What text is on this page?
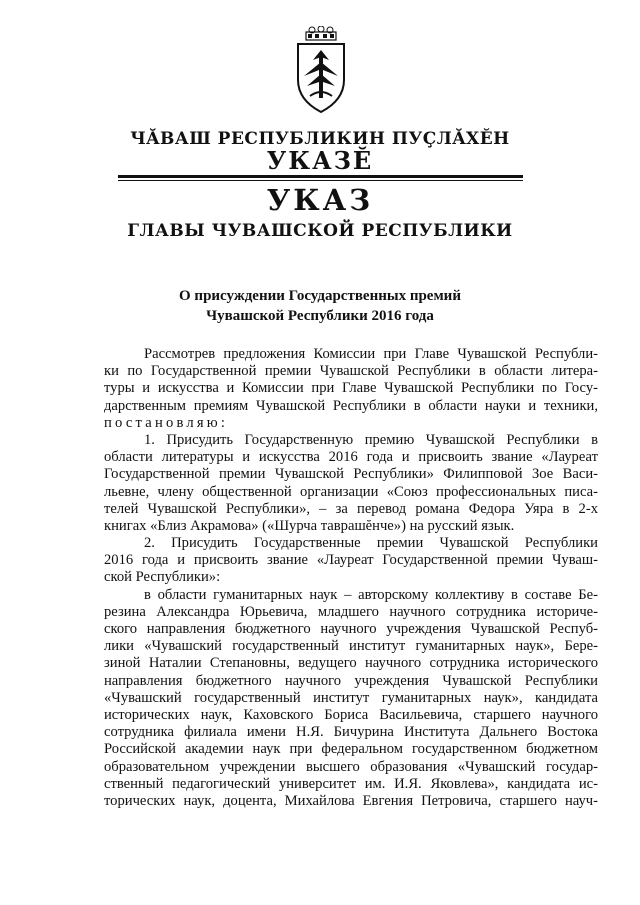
ЧĂВАШ РЕСПУБЛИКИН ПУÇЛĂХĔН
УКАЗĔ
УКАЗ
ГЛАВЫ ЧУВАШСКОЙ РЕСПУБЛИКИ
О присуждении Государственных премий
Чувашской Республики 2016 года
Рассмотрев предложения Комиссии при Главе Чувашской Республи-
ки по Государственной премии Чувашской Республики в области литера-
туры и искусства и Комиссии при Главе Чувашской Республики по Госу-
дарственным премиям Чувашской Республики в области науки и техники,
постановляю:
1. Присудить Государственную премию Чувашской Республики в
области литературы и искусства 2016 года и присвоить звание «Лауреат
Государственной премии Чувашской Республики» Филипповой Зое Васи-
льевне, члену общественной организации «Союз профессиональных писа-
телей Чувашской Республики», – за перевод романа Федора Уяра в 2-х
книгах «Близ Акрамова» («Шурча таврашĕнче») на русский язык.
2. Присудить Государственные премии Чувашской Республики
2016 года и присвоить звание «Лауреат Государственной премии Чуваш-
ской Республики»:
в области гуманитарных наук – авторскому коллективу в составе Бе-
резина Александра Юрьевича, младшего научного сотрудника историче-
ского направления бюджетного научного учреждения Чувашской Респуб-
лики «Чувашский государственный институт гуманитарных наук», Бере-
зиной Наталии Степановны, ведущего научного сотрудника исторического
направления бюджетного научного учреждения Чувашской Республики
«Чувашский государственный институт гуманитарных наук», кандидата
исторических наук, Каховского Бориса Васильевича, старшего научного
сотрудника филиала имени Н.Я. Бичурина Института Дальнего Востока
Российской академии наук при федеральном государственном бюджетном
образовательном учреждении высшего образования «Чувашский государ-
ственный педагогический университет им. И.Я. Яковлева», кандидата ис-
торических наук, доцента, Михайлова Евгения Петровича, старшего науч-
